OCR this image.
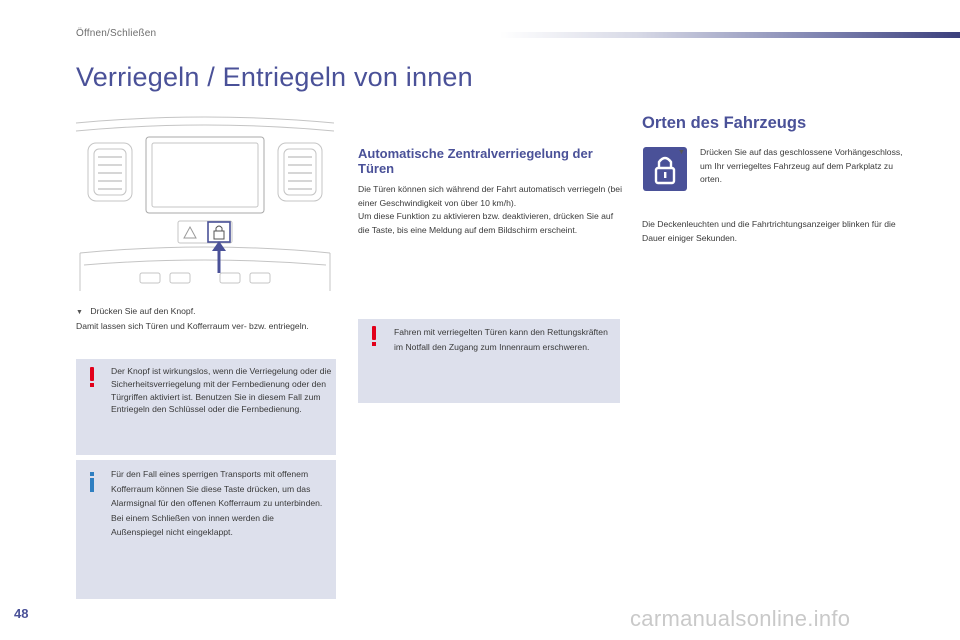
Öffnen/Schließen
Verriegeln / Entriegeln von innen
Automatische Zentralverriegelung der Türen
Die Türen können sich während der Fahrt automatisch verriegeln (bei einer Geschwindigkeit von über 10 km/h).
Um diese Funktion zu aktivieren bzw. deaktivieren, drücken Sie auf die Taste, bis eine Meldung auf dem Bildschirm erscheint.
Orten des Fahrzeugs
▼ Drücken Sie auf das geschlossene Vorhängeschloss, um Ihr verriegeltes Fahrzeug auf dem Parkplatz zu orten.
Die Deckenleuchten und die Fahrtrichtungsanzeiger blinken für die Dauer einiger Sekunden.
▼ Drücken Sie auf den Knopf.
Damit lassen sich Türen und Kofferraum ver- bzw. entriegeln.
Der Knopf ist wirkungslos, wenn die Verriegelung oder die Sicherheitsverriegelung mit der Fernbedienung oder den Türgriffen aktiviert ist. Benutzen Sie in diesem Fall zum Entriegeln den Schlüssel oder die Fernbedienung.
Für den Fall eines sperrigen Transports mit offenem Kofferraum können Sie diese Taste drücken, um das Alarmsignal für den offenen Kofferraum zu unterbinden. Bei einem Schließen von innen werden die Außenspiegel nicht eingeklappt.
Fahren mit verriegelten Türen kann den Rettungskräften im Notfall den Zugang zum Innenraum erschweren.
48	carmanualsonline.info
